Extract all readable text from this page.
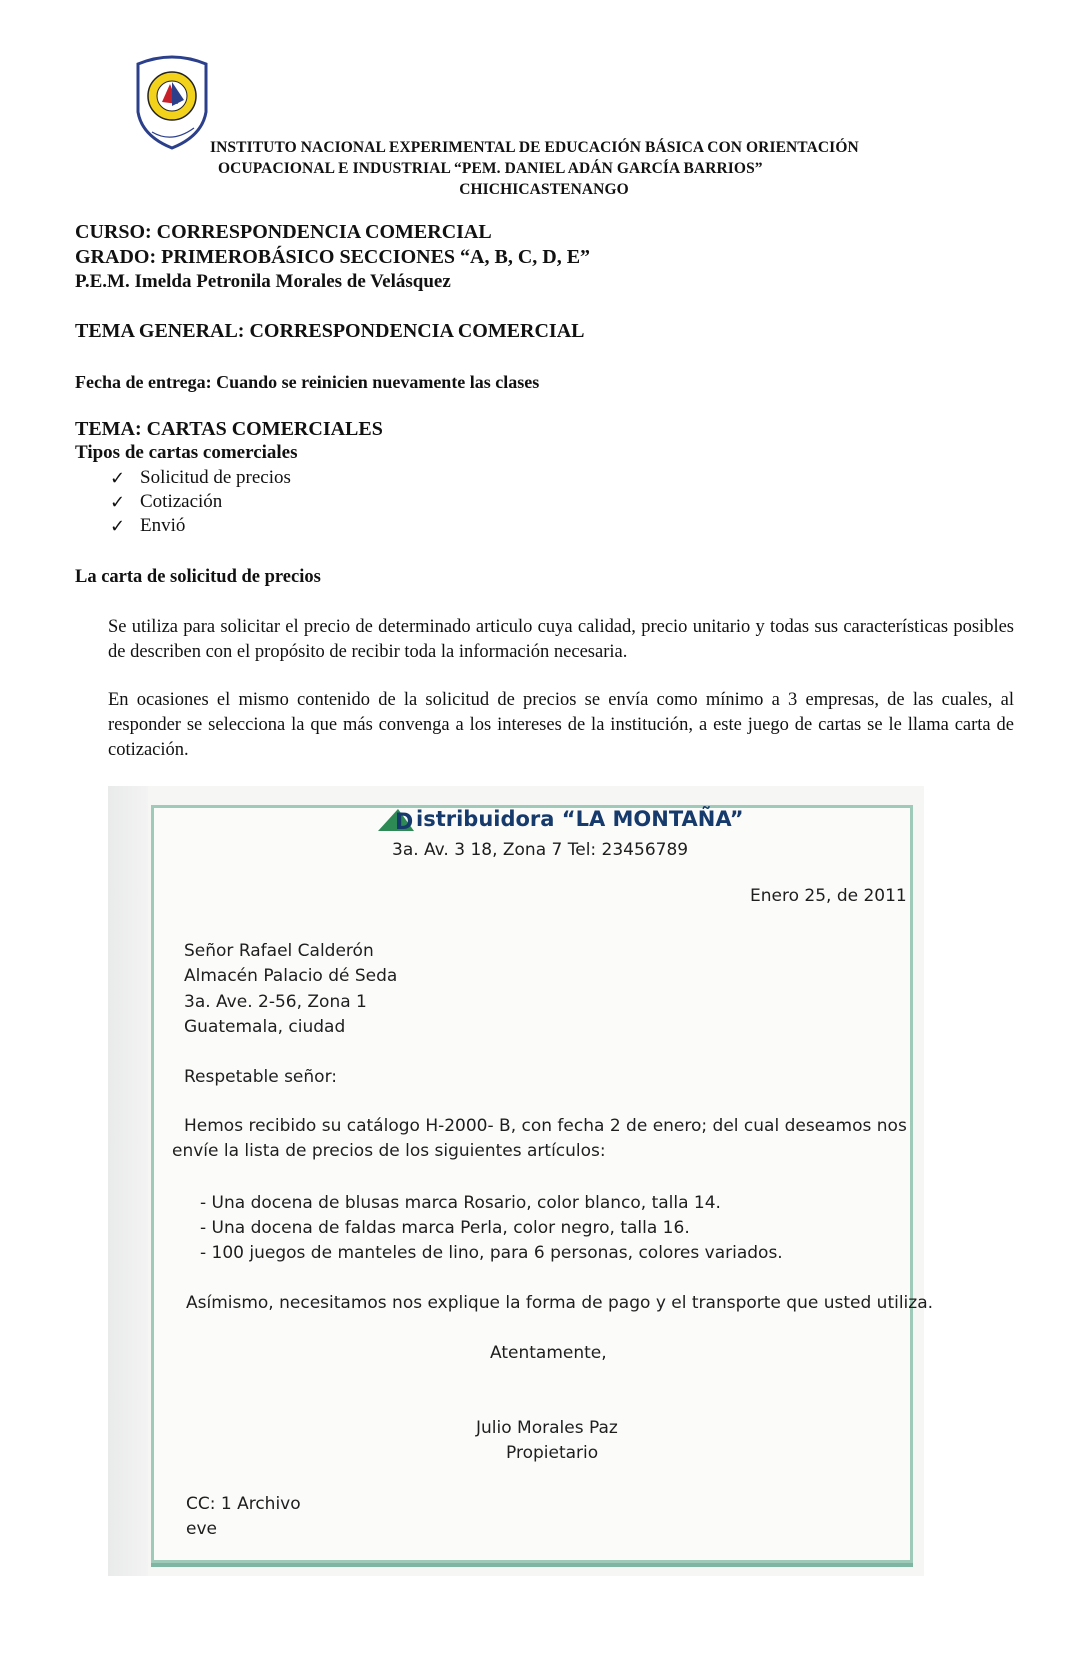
INSTITUTO NACIONAL EXPERIMENTAL DE EDUCACIÓN BÁSICA CON ORIENTACIÓN
OCUPACIONAL E INDUSTRIAL “PEM. DANIEL ADÁN GARCÍA BARRIOS”
CHICHICASTENANGO
CURSO: CORRESPONDENCIA COMERCIAL
GRADO: PRIMEROBÁSICO SECCIONES “A, B, C, D, E”
P.E.M. Imelda Petronila Morales de Velásquez
TEMA GENERAL: CORRESPONDENCIA COMERCIAL
Fecha de entrega: Cuando se reinicien nuevamente las clases
TEMA: CARTAS COMERCIALES
Tipos de cartas comerciales
✓ Solicitud de precios
✓ Cotización
✓ Envió
La carta de solicitud de precios
Se utiliza para solicitar el precio de determinado articulo cuya calidad, precio unitario y todas sus características posibles de describen con el propósito de recibir toda la información necesaria.
En ocasiones el mismo contenido de la solicitud de precios se envía como mínimo a 3 empresas, de las cuales, al responder se selecciona la que más convenga a los intereses de la institución, a este juego de cartas se le llama carta de cotización.
D istribuidora “LA MONTAÑA”
3a. Av. 3 18, Zona 7 Tel: 23456789
Enero 25, de 2011
Señor Rafael Calderón
Almacén Palacio dé Seda
3a. Ave. 2-56, Zona 1
Guatemala, ciudad
Respetable señor:
Hemos recibido su catálogo H-2000- B, con fecha 2 de enero; del cual deseamos nos
envíe la lista de precios de los siguientes artículos:
- Una docena de blusas marca Rosario, color blanco, talla 14.
- Una docena de faldas marca Perla, color negro, talla 16.
- 100 juegos de manteles de lino, para 6 personas, colores variados.
Asímismo, necesitamos nos explique la forma de pago y el transporte que usted utiliza.
Atentamente,
Julio Morales Paz
Propietario
CC: 1 Archivo
eve
